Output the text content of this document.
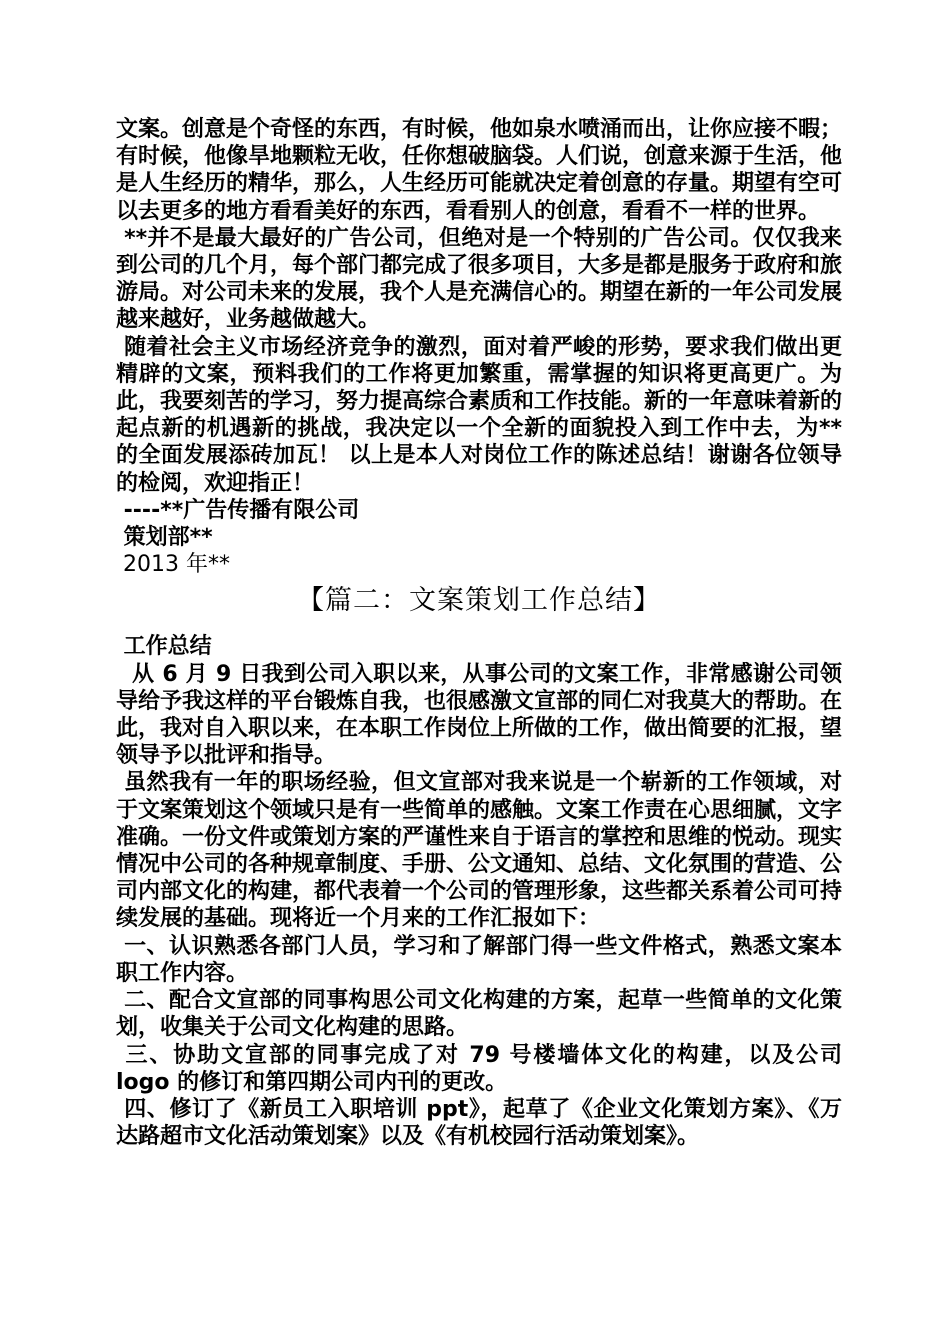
文案。创意是个奇怪的东西，有时候，他如泉水喷涌而出，让你应接不暇；有时候，他像旱地颗粒无收，任你想破脑袋。人们说，创意来源于生活，他是人生经历的精华，那么，人生经历可能就决定着创意的存量。期望有空可以去更多的地方看看美好的东西，看看别人的创意，看看不一样的世界。

**并不是最大最好的广告公司，但绝对是一个特别的广告公司。仅仅我来到公司的几个月，每个部门都完成了很多项目，大多是都是服务于政府和旅游局。对公司未来的发展，我个人是充满信心的。期望在新的一年公司发展越来越好，业务越做越大。

随着社会主义市场经济竞争的激烈，面对着严峻的形势，要求我们做出更精辟的文案，预料我们的工作将更加繁重，需掌握的知识将更高更广。为此，我要刻苦的学习，努力提高综合素质和工作技能。新的一年意味着新的起点新的机遇新的挑战，我决定以一个全新的面貌投入到工作中去，为**的全面发展添砖加瓦！ 以上是本人对岗位工作的陈述总结！谢谢各位领导的检阅，欢迎指正！

----**广告传播有限公司

策划部**

2013 年**

【篇二：文案策划工作总结】

工作总结

从 6 月 9 日我到公司入职以来，从事公司的文案工作，非常感谢公司领导给予我这样的平台锻炼自我，也很感激文宣部的同仁对我莫大的帮助。在此，我对自入职以来，在本职工作岗位上所做的工作，做出简要的汇报，望领导予以批评和指导。

虽然我有一年的职场经验，但文宣部对我来说是一个崭新的工作领域，对于文案策划这个领域只是有一些简单的感触。文案工作责在心思细腻，文字准确。一份文件或策划方案的严谨性来自于语言的掌控和思维的悦动。现实情况中公司的各种规章制度、手册、公文通知、总结、文化氛围的营造、公司内部文化的构建，都代表着一个公司的管理形象，这些都关系着公司可持续发展的基础。现将近一个月来的工作汇报如下：

一、认识熟悉各部门人员，学习和了解部门得一些文件格式，熟悉文案本职工作内容。

二、配合文宣部的同事构思公司文化构建的方案，起草一些简单的文化策划，收集关于公司文化构建的思路。

三、协助文宣部的同事完成了对 79 号楼墙体文化的构建，以及公司 logo 的修订和第四期公司内刊的更改。

四、修订了《新员工入职培训 ppt》，起草了《企业文化策划方案》、《万达路超市文化活动策划案》以及《有机校园行活动策划案》。
